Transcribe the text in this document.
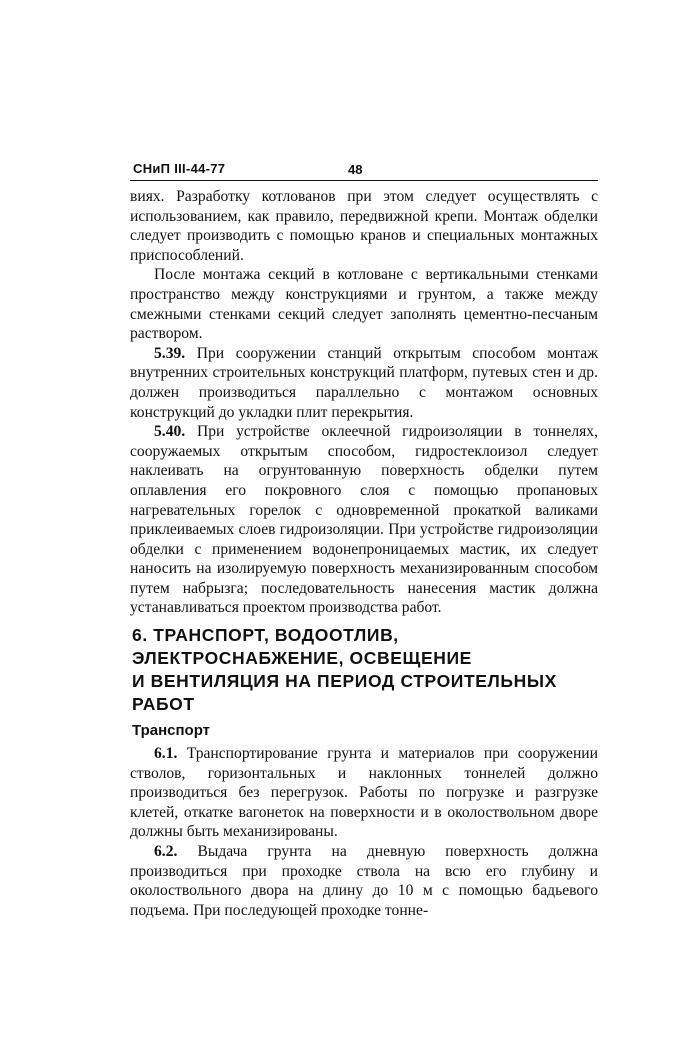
СНиП III-44-77	48

виях. Разработку котлованов при этом следует осуществлять с использованием, как правило, передвижной крепи. Монтаж обделки следует производить с помощью кранов и специальных монтажных приспособлений.

После монтажа секций в котловане с вертикальными стенками пространство между конструкциями и грунтом, а также между смежными стенками секций следует заполнять цементно-песчаным раствором.

5.39. При сооружении станций открытым способом монтаж внутренних строительных конструкций платформ, путевых стен и др. должен производиться параллельно с монтажом основных конструкций до укладки плит перекрытия.

5.40. При устройстве оклеечной гидроизоляции в тоннелях, сооружаемых открытым способом, гидростеклоизол следует наклеивать на огрунтованную поверхность обделки путем оплавления его покровного слоя с помощью пропановых нагревательных горелок с одновременной прокаткой валиками приклеиваемых слоев гидроизоляции. При устройстве гидроизоляции обделки с применением водонепроницаемых мастик, их следует наносить на изолируемую поверхность механизированным способом путем набрызга; последовательность нанесения мастик должна устанавливаться проектом производства работ.

6. ТРАНСПОРТ, ВОДООТЛИВ,
ЭЛЕКТРОСНАБЖЕНИЕ, ОСВЕЩЕНИЕ
И ВЕНТИЛЯЦИЯ НА ПЕРИОД СТРОИТЕЛЬНЫХ
РАБОТ
Транспорт

6.1. Транспортирование грунта и материалов при сооружении стволов, горизонтальных и наклонных тоннелей должно производиться без перегрузок. Работы по погрузке и разгрузке клетей, откатке вагонеток на поверхности и в околоствольном дворе должны быть механизированы.

6.2. Выдача грунта на дневную поверхность должна производиться при проходке ствола на всю его глубину и околоствольного двора на длину до 10 м с помощью бадьевого подъема. При последующей проходке тонне-
